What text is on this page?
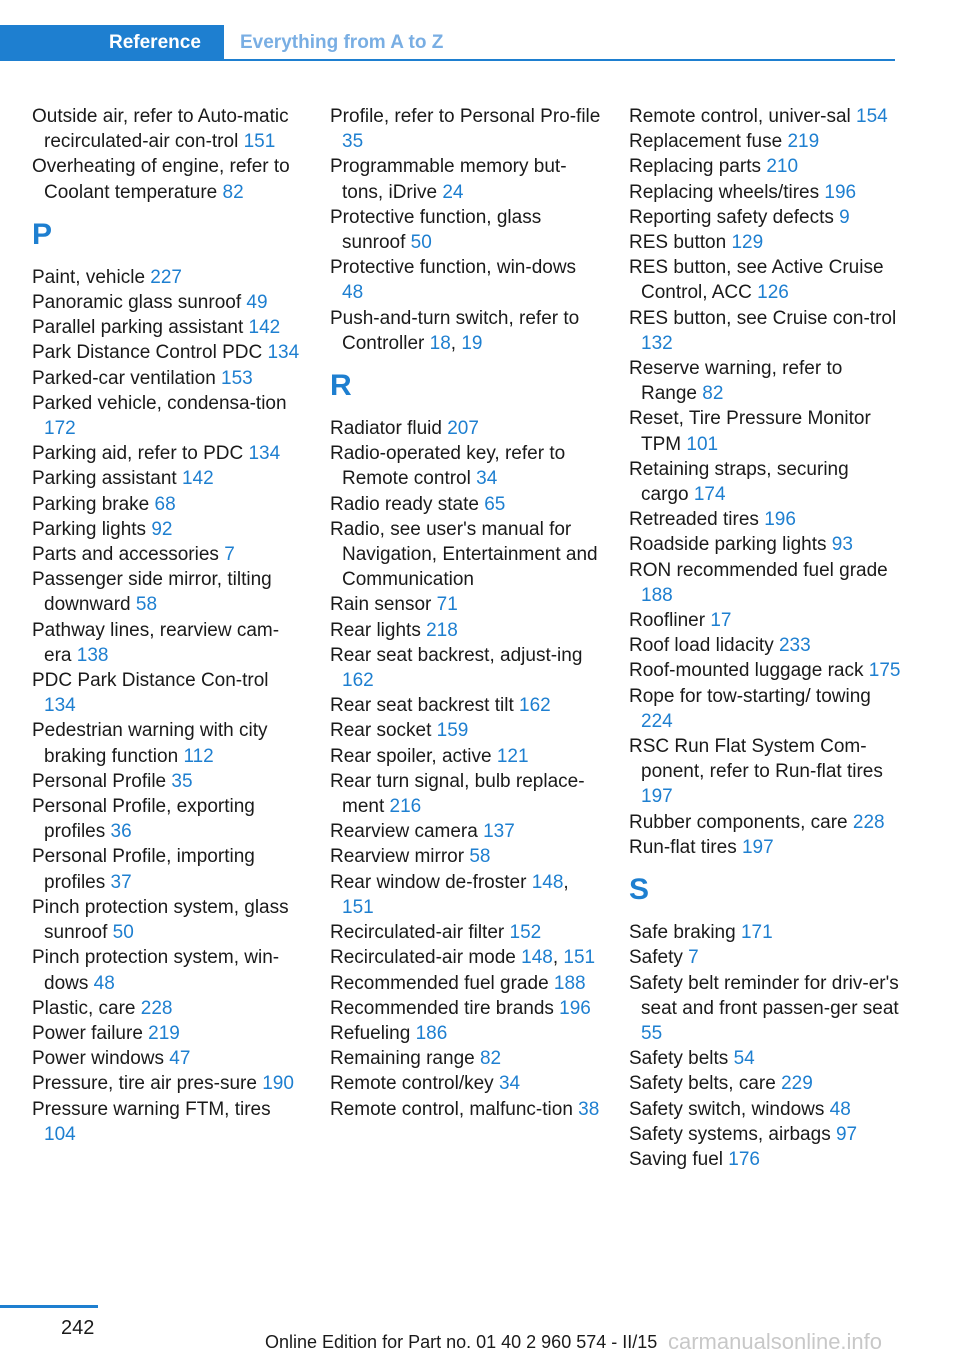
Reference	Everything from A to Z
Outside air, refer to Auto-matic recirculated-air con-trol 151
Overheating of engine, refer to Coolant temperature 82
P
Paint, vehicle 227
Panoramic glass sunroof 49
Parallel parking assistant 142
Park Distance Control PDC 134
Parked-car ventilation 153
Parked vehicle, condensa-tion 172
Parking aid, refer to PDC 134
Parking assistant 142
Parking brake 68
Parking lights 92
Parts and accessories 7
Passenger side mirror, tilting downward 58
Pathway lines, rearview cam-era 138
PDC Park Distance Con-trol 134
Pedestrian warning with city braking function 112
Personal Profile 35
Personal Profile, exporting profiles 36
Personal Profile, importing profiles 37
Pinch protection system, glass sunroof 50
Pinch protection system, win-dows 48
Plastic, care 228
Power failure 219
Power windows 47
Pressure, tire air pres-sure 190
Pressure warning FTM, tires 104
Profile, refer to Personal Pro-file 35
Programmable memory but-tons, iDrive 24
Protective function, glass sunroof 50
Protective function, win-dows 48
Push-and-turn switch, refer to Controller 18, 19
R
Radiator fluid 207
Radio-operated key, refer to Remote control 34
Radio ready state 65
Radio, see user's manual for Navigation, Entertainment and Communication
Rain sensor 71
Rear lights 218
Rear seat backrest, adjust-ing 162
Rear seat backrest tilt 162
Rear socket 159
Rear spoiler, active 121
Rear turn signal, bulb replace-ment 216
Rearview camera 137
Rearview mirror 58
Rear window de-froster 148, 151
Recirculated-air filter 152
Recirculated-air mode 148, 151
Recommended fuel grade 188
Recommended tire brands 196
Refueling 186
Remaining range 82
Remote control/key 34
Remote control, malfunc-tion 38
Remote control, univer-sal 154
Replacement fuse 219
Replacing parts 210
Replacing wheels/tires 196
Reporting safety defects 9
RES button 129
RES button, see Active Cruise Control, ACC 126
RES button, see Cruise con-trol 132
Reserve warning, refer to Range 82
Reset, Tire Pressure Monitor TPM 101
Retaining straps, securing cargo 174
Retreaded tires 196
Roadside parking lights 93
RON recommended fuel grade 188
Roofliner 17
Roof load lidacity 233
Roof-mounted luggage rack 175
Rope for tow-starting/ towing 224
RSC Run Flat System Com-ponent, refer to Run-flat tires 197
Rubber components, care 228
Run-flat tires 197
S
Safe braking 171
Safety 7
Safety belt reminder for driv-er's seat and front passen-ger seat 55
Safety belts 54
Safety belts, care 229
Safety switch, windows 48
Safety systems, airbags 97
Saving fuel 176
242
Online Edition for Part no. 01 40 2 960 574 - II/15 carmanualsonline.info
